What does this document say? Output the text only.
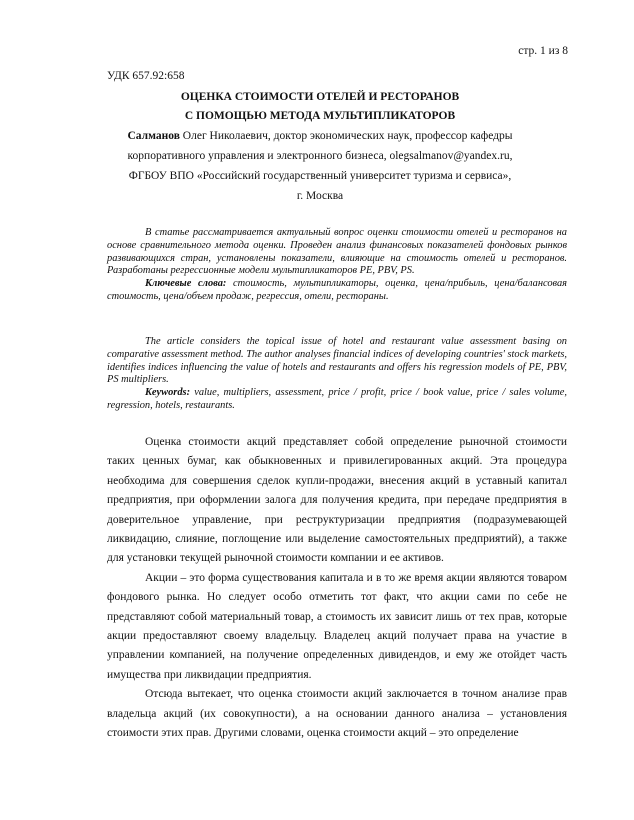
стр. 1 из 8
УДК 657.92:658
ОЦЕНКА СТОИМОСТИ ОТЕЛЕЙ И РЕСТОРАНОВ
С ПОМОЩЬЮ МЕТОДА МУЛЬТИПЛИКАТОРОВ
Салманов Олег Николаевич, доктор экономических наук, профессор кафедры
корпоративного управления и электронного бизнеса, olegsalmanov@yandex.ru,
ФГБОУ ВПО «Российский государственный университет туризма и сервиса»,
г. Москва

В статье рассматривается актуальный вопрос оценки стоимости отелей и ресторанов на основе сравнительного метода оценки. Проведен анализ финансовых показателей фондовых рынков развивающихся стран, установлены показатели, влияющие на стоимость отелей и ресторанов. Разработаны регрессионные модели мультипликаторов PE, PBV, PS.

Ключевые слова: стоимость, мультипликаторы, оценка, цена/прибыль, цена/балансовая стоимость, цена/объем продаж, регрессия, отели, рестораны.

The article considers the topical issue of hotel and restaurant value assessment basing on comparative assessment method. The author analyses financial indices of developing countries' stock markets, identifies indices influencing the value of hotels and restaurants and offers his regression models of PE, PBV, PS multipliers.

Keywords: value, multipliers, assessment, price / profit, price / book value, price / sales volume, regression, hotels, restaurants.

Оценка стоимости акций представляет собой определение рыночной стоимости таких ценных бумаг, как обыкновенных и привилегированных акций. Эта процедура необходима для совершения сделок купли-продажи, внесения акций в уставный капитал предприятия, при оформлении залога для получения кредита, при передаче предприятия в доверительное управление, при реструктуризации предприятия (подразумевающей ликвидацию, слияние, поглощение или выделение самостоятельных предприятий), а также для установки текущей рыночной стоимости компании и ее активов.

Акции – это форма существования капитала и в то же время акции являются товаром фондового рынка. Но следует особо отметить тот факт, что акции сами по себе не представляют собой материальный товар, а стоимость их зависит лишь от тех прав, которые акции предоставляют своему владельцу. Владелец акций получает права на участие в управлении компанией, на получение определенных дивидендов, и ему же отойдет часть имущества при ликвидации предприятия.

Отсюда вытекает, что оценка стоимости акций заключается в точном анализе прав владельца акций (их совокупности), а на основании данного анализа – установления стоимости этих прав. Другими словами, оценка стоимости акций – это определение
